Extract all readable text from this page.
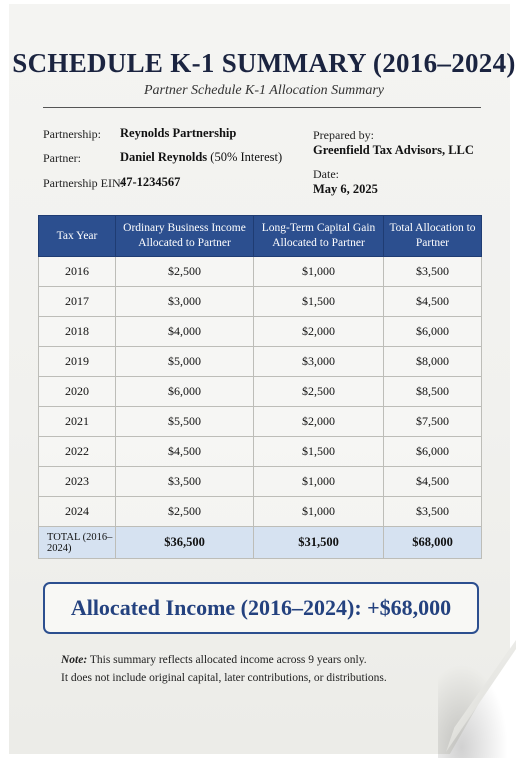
SCHEDULE K-1 SUMMARY (2016–2024)
Partner Schedule K-1 Allocation Summary
Partnership: Reynolds Partnership
Partner:	Daniel Reynolds (50% Interest)
Partnership EIN:
47-1234567
Prepared by:
Greenfield Tax Advisors, LLC
Date:
May 6, 2025
Tax Year	Ordinary Business Income Allocated to Partner	Long-Term Capital Gain Allocated to Partner	Total Allocation to Partner
2016	$2,500	$1,000	$3,500
2017	$3,000	$1,500	$4,500
2018	$4,000	$2,000	$6,000
2019	$5,000	$3,000	$8,000
2020	$6,000	$2,500	$8,500
2021	$5,500	$2,000	$7,500
2022	$4,500	$1,500	$6,000
2023	$3,500	$1,000	$4,500
2024	$2,500	$1,000	$3,500
TOTAL (2016–2024)	$36,500	$31,500	$68,000
Allocated Income (2016–2024): +$68,000
Note: This summary reflects allocated income across 9 years only.
It does not include original capital, later contributions, or distributions.
